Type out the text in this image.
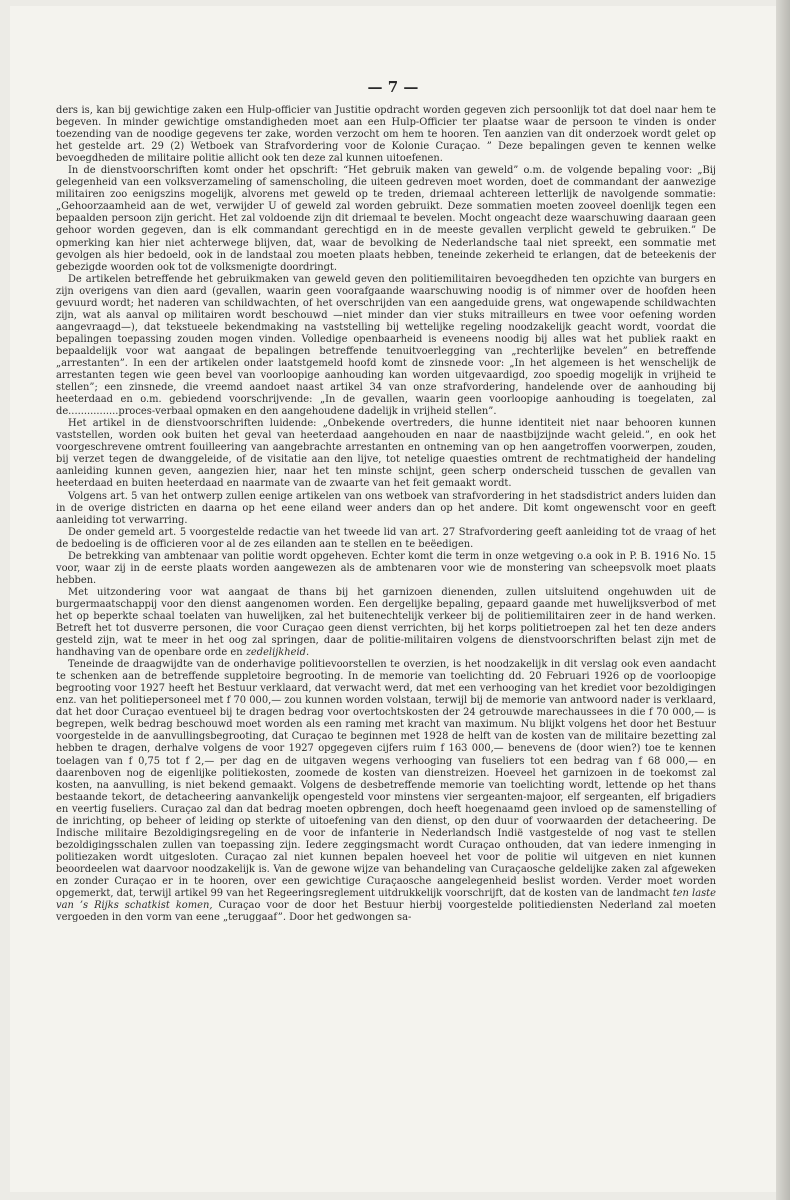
— 7 —

ders is, kan bij gewichtige zaken een Hulp-officier van Justitie opdracht worden gegeven zich persoonlijk tot dat doel naar hem te begeven. In minder gewichtige omstandigheden moet aan een Hulp-Officier ter plaatse waar de persoon te vinden is onder toezending van de noodige gegevens ter zake, worden verzocht om hem te hooren. Ten aanzien van dit onderzoek wordt gelet op het gestelde art. 29 (2) Wetboek van Strafvordering voor de Kolonie Curaçao. ” Deze bepalingen geven te kennen welke bevoegdheden de militaire politie allicht ook ten deze zal kunnen uitoefenen.

In de dienstvoorschriften komt onder het opschrift: “Het gebruik maken van geweld” o.m. de volgende bepaling voor: „Bij gelegenheid van een volksverzameling of samenscholing, die uiteen gedreven moet worden, doet de commandant der aanwezige militairen zoo eenigszins mogelijk, alvorens met geweld op te treden, driemaal achtereen letterlijk de navolgende sommatie: „Gehoorzaamheid aan de wet, verwijder U of geweld zal worden gebruikt. Deze sommatien moeten zooveel doenlijk tegen een bepaalden persoon zijn gericht. Het zal voldoende zijn dit driemaal te bevelen. Mocht ongeacht deze waarschuwing daaraan geen gehoor worden gegeven, dan is elk commandant gerechtigd en in de meeste gevallen verplicht geweld te gebruiken.” De opmerking kan hier niet achterwege blijven, dat, waar de bevolking de Nederlandsche taal niet spreekt, een sommatie met gevolgen als hier bedoeld, ook in de landstaal zou moeten plaats hebben, teneinde zekerheid te erlangen, dat de beteekenis der gebezigde woorden ook tot de volksmenigte doordringt.

De artikelen betreffende het gebruikmaken van geweld geven den politiemilitairen bevoegdheden ten opzichte van burgers en zijn overigens van dien aard (gevallen, waarin geen voorafgaande waarschuwing noodig is of nimmer over de hoofden heen gevuurd wordt; het naderen van schildwachten, of het overschrijden van een aangeduide grens, wat ongewapende schildwachten zijn, wat als aanval op militairen wordt beschouwd —niet minder dan vier stuks mitrailleurs en twee voor oefening worden aangevraagd—), dat tekstueele bekendmaking na vaststelling bij wettelijke regeling noodzakelijk geacht wordt, voordat die bepalingen toepassing zouden mogen vinden. Volledige openbaarheid is eveneens noodig bij alles wat het publiek raakt en bepaaldelijk voor wat aangaat de bepalingen betreffende tenuitvoerlegging van „rechterlijke bevelen” en betreffende „arrestanten”. In een der artikelen onder laatstgemeld hoofd komt de zinsnede voor: „In het algemeen is het wenschelijk de arrestanten tegen wie geen bevel van voorloopige aanhouding kan worden uitgevaardigd, zoo spoedig mogelijk in vrijheid te stellen”; een zinsnede, die vreemd aandoet naast artikel 34 van onze strafvordering, handelende over de aanhouding bij heeterdaad en o.m. gebiedend voorschrijvende: „In de gevallen, waarin geen voorloopige aanhouding is toegelaten, zal de................proces-verbaal opmaken en den aangehoudene dadelijk in vrijheid stellen”.

Het artikel in de dienstvoorschriften luidende: „Onbekende overtreders, die hunne identiteit niet naar behooren kunnen vaststellen, worden ook buiten het geval van heeterdaad aangehouden en naar de naastbijzijnde wacht geleid.”, en ook het voorgeschrevene omtrent fouilleering van aangebrachte arrestanten en ontneming van op hen aangetroffen voorwerpen, zouden, bij verzet tegen de dwanggeleide, of de visitatie aan den lijve, tot netelige quaesties omtrent de rechtmatigheid der handeling aanleiding kunnen geven, aangezien hier, naar het ten minste schijnt, geen scherp onderscheid tusschen de gevallen van heeterdaad en buiten heeterdaad en naarmate van de zwaarte van het feit gemaakt wordt.

Volgens art. 5 van het ontwerp zullen eenige artikelen van ons wetboek van strafvordering in het stadsdistrict anders luiden dan in de overige districten en daarna op het eene eiland weer anders dan op het andere. Dit komt ongewenscht voor en geeft aanleiding tot verwarring.

De onder gemeld art. 5 voorgestelde redactie van het tweede lid van art. 27 Strafvordering geeft aanleiding tot de vraag of het de bedoeling is de officieren voor al de zes eilanden aan te stellen en te beëedigen.

De betrekking van ambtenaar van politie wordt opgeheven. Echter komt die term in onze wetgeving o.a ook in P. B. 1916 No. 15 voor, waar zij in de eerste plaats worden aangewezen als de ambtenaren voor wie de monstering van scheepsvolk moet plaats hebben.

Met uitzondering voor wat aangaat de thans bij het garnizoen dienenden, zullen uitsluitend ongehuwden uit de burgermaatschappij voor den dienst aangenomen worden. Een dergelijke bepaling, gepaard gaande met huwelijksverbod of met het op beperkte schaal toelaten van huwelijken, zal het buitenechtelijk verkeer bij de politiemilitairen zeer in de hand werken. Betreft het tot dusverre personen, die voor Curaçao geen dienst verrichten, bij het korps politietroepen zal het ten deze anders gesteld zijn, wat te meer in het oog zal springen, daar de politie-militairen volgens de dienstvoorschriften belast zijn met de handhaving van de openbare orde en zedelijkheid.

Teneinde de draagwijdte van de onderhavige politievoorstellen te overzien, is het noodzakelijk in dit verslag ook even aandacht te schenken aan de betreffende suppletoire begrooting. In de memorie van toelichting dd. 20 Februari 1926 op de voorloopige begrooting voor 1927 heeft het Bestuur verklaard, dat verwacht werd, dat met een verhooging van het krediet voor bezoldigingen enz. van het politiepersoneel met f 70 000,— zou kunnen worden volstaan, terwijl bij de memorie van antwoord nader is verklaard, dat het door Curaçao eventueel bij te dragen bedrag voor overtochtskosten der 24 getrouwde marechaussees in die f 70 000,— is begrepen, welk bedrag beschouwd moet worden als een raming met kracht van maximum. Nu blijkt volgens het door het Bestuur voorgestelde in de aanvullingsbegrooting, dat Curaçao te beginnen met 1928 de helft van de kosten van de militaire bezetting zal hebben te dragen, derhalve volgens de voor 1927 opgegeven cijfers ruim f 163 000,— benevens de (door wien?) toe te kennen toelagen van f 0,75 tot f 2,— per dag en de uitgaven wegens verhooging van fuseliers tot een bedrag van f 68 000,— en daarenboven nog de eigenlijke politiekosten, zoomede de kosten van dienstreizen. Hoeveel het garnizoen in de toekomst zal kosten, na aanvulling, is niet bekend gemaakt. Volgens de desbetreffende memorie van toelichting wordt, lettende op het thans bestaande tekort, de detacheering aanvankelijk opengesteld voor minstens vier sergeanten-majoor, elf sergeanten, elf brigadiers en veertig fuseliers. Curaçao zal dan dat bedrag moeten opbrengen, doch heeft hoegenaamd geen invloed op de samenstelling of de inrichting, op beheer of leiding op sterkte of uitoefening van den dienst, op den duur of voorwaarden der detacheering. De Indische militaire Bezoldigingsregeling en de voor de infanterie in Nederlandsch Indië vastgestelde of nog vast te stellen bezoldigingsschalen zullen van toepassing zijn. Iedere zeggingsmacht wordt Curaçao onthouden, dat van iedere inmenging in politiezaken wordt uitgesloten. Curaçao zal niet kunnen bepalen hoeveel het voor de politie wil uitgeven en niet kunnen beoordeelen wat daarvoor noodzakelijk is. Van de gewone wijze van behandeling van Curaçaosche geldelijke zaken zal afgeweken en zonder Curaçao er in te hooren, over een gewichtige Curaçaosche aangelegenheid beslist worden. Verder moet worden opgemerkt, dat, terwijl artikel 99 van het Regeeringsreglement uitdrukkelijk voorschrijft, dat de kosten van de landmacht ten laste van ’s Rijks schatkist komen, Curaçao voor de door het Bestuur hierbij voorgestelde politiediensten Nederland zal moeten vergoeden in den vorm van eene „teruggaaf”. Door het gedwongen sa-
